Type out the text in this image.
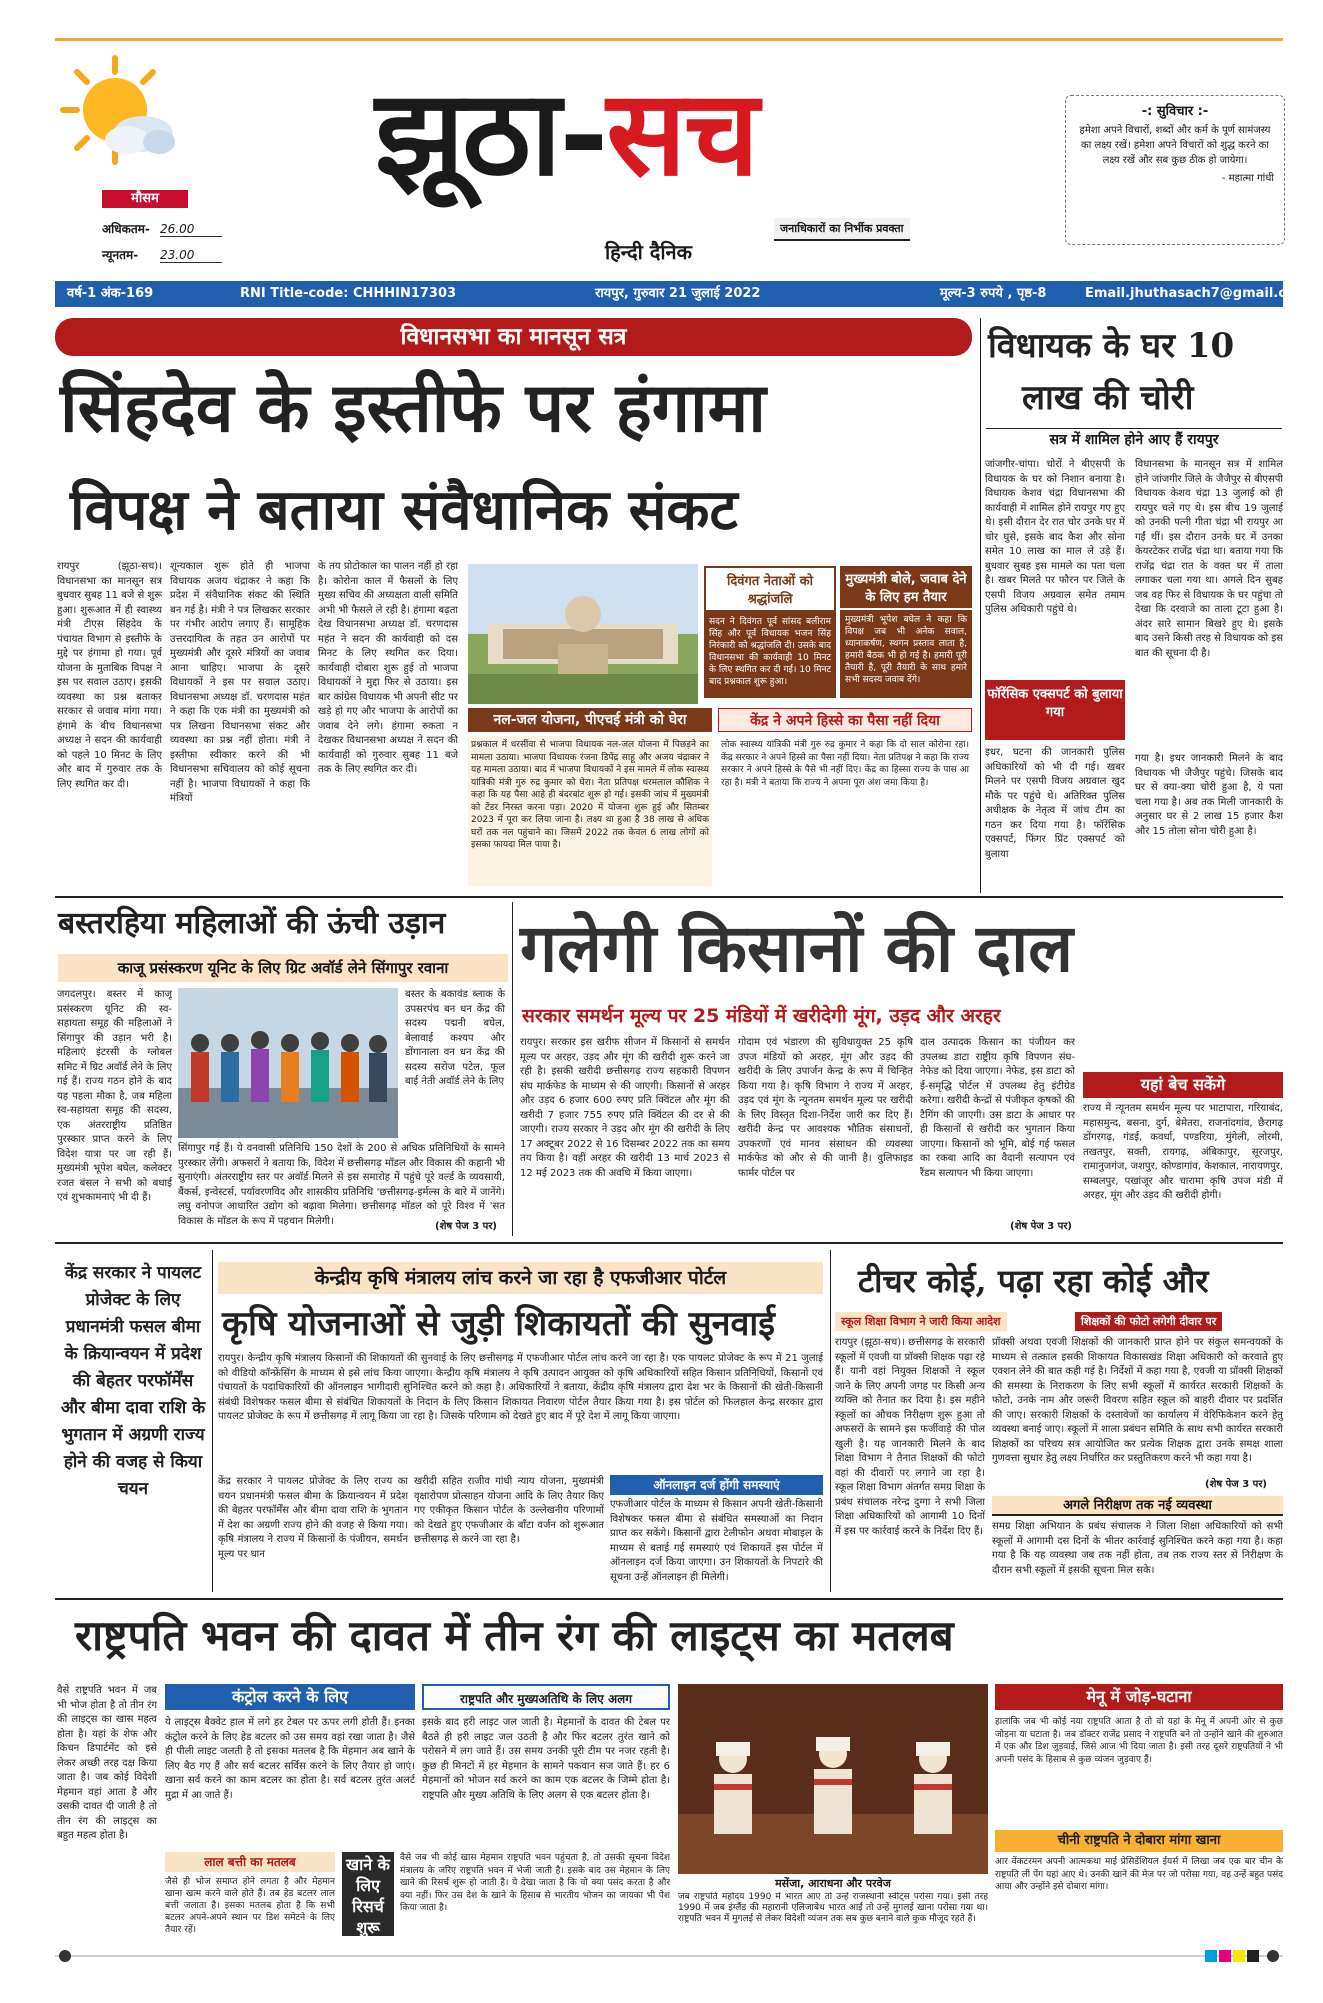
मौसम
अधिकतम- 26.00
न्यूनतम- 23.00
झूठा-सच
हिन्दी दैनिक
जनाधिकारों का निर्भीक प्रवक्ता
-: सुविचार :-
हमेशा अपने विचारों, शब्दों और कर्म के पूर्ण सामंजस्य का लक्ष्य रखें। हमेशा अपने विचारों को शुद्ध करने का लक्ष्य रखें और सब कुछ ठीक हो जायेगा।
- महात्मा गांधी
वर्ष-1 अंक-169	RNI Title-code: CHHHIN17303	रायपुर, गुरुवार 21 जुलाई 2022	मूल्य-3 रुपये , पृष्ठ-8	Email.jhuthasach7@gmail.com
विधानसभा का मानसून सत्र
सिंहदेव के इस्तीफे पर हंगामा
विपक्ष ने बताया संवैधानिक संकट
रायपुर (झूठा-सच)। विधानसभा का मानसून सत्र बुधवार सुबह 11 बजे से शुरू हुआ। शुरूआत में ही स्वास्थ्य मंत्री टीएस सिंहदेव के पंचायत विभाग से इस्तीफे के मुद्दे पर हंगामा हो गया। पूर्व योजना के मुताबिक विपक्ष ने इस पर सवाल उठाए। इसकी व्यवस्था का प्रश्न बताकर सरकार से जवाब मांगा गया। हंगामे के बीच विधानसभा अध्यक्ष ने सदन की कार्यवाही को पहले 10 मिनट के लिए और बाद में गुरुवार तक के लिए स्थगित कर दी।
शून्यकाल शुरू होते ही भाजपा विधायक अजय चंद्राकर ने कहा कि प्रदेश में संवैधानिक संकट की स्थिति बन गई है। मंत्री ने पत्र लिखकर सरकार पर गंभीर आरोप लगाए हैं। सामूहिक उत्तरदायित्व के तहत उन आरोपों पर मुख्यमंत्री और दूसरे मंत्रियों का जवाब आना चाहिए। भाजपा के दूसरे विधायकों ने इस पर सवाल उठाए। विधानसभा अध्यक्ष डॉ. चरणदास महंत ने कहा कि एक मंत्री का मुख्यमंत्री को पत्र लिखना विधानसभा संकट और व्यवस्था का प्रश्न नहीं होता। मंत्री ने इस्तीफा स्वीकार करने की भी विधानसभा सचिवालय को कोई सूचना नहीं है। भाजपा विधायकों ने कहा कि मंत्रियों
के तय प्रोटोकाल का पालन नहीं हो रहा है। कोरोना काल में फैसलों के लिए मुख्य सचिव की अध्यक्षता वाली समिति अभी भी फैसले ले रही है। हंगामा बढ़ता देख विधानसभा अध्यक्ष डॉ. चरणदास महंत ने सदन की कार्यवाही को दस मिनट के लिए स्थगित कर दिया। कार्यवाही दोबारा शुरू हुई तो भाजपा विधायकों ने मुद्दा फिर से उठाया। इस बार कांग्रेस विधायक भी अपनी सीट पर खड़े हो गए और भाजपा के आरोपों का जवाब देने लगे। हंगामा रुकता न देखकर विधानसभा अध्यक्ष ने सदन की कार्यवाही को गुरुवार सुबह 11 बजे तक के लिए स्थगित कर दी।
दिवंगत नेताओं को श्रद्धांजलि
सदन ने दिवंगत पूर्व सांसद बलीराम सिंह और पूर्व विधायक भजन सिंह निरंकारी को श्रद्धांजलि दी। उसके बाद विधानसभा की कार्यवाही 10 मिनट के लिए स्थगित कर दी गई। 10 मिनट बाद प्रश्नकाल शुरू हुआ।
मुख्यमंत्री बोले, जवाब देने के लिए हम तैयार
मुख्यमंत्री भूपेश बघेल ने कहा कि विपक्ष जब भी अनेक सवाल, ध्यानाकर्षण, स्थगन प्रस्ताव लाता है, हमारी बैठक भी हो गई है। हमारी पूरी तैयारी है, पूरी तैयारी के साथ हमारे सभी सदस्य जवाब देंगे।
नल-जल योजना, पीएचई मंत्री को घेरा
प्रश्नकाल में धरसींवा से भाजपा विधायक नल-जल योजना में पिछड़ने का मामला उठाया। भाजपा विधायक रंजना डिपेंद्र साहू और अजय चंद्राकर ने यह मामला उठाया। बाद में भाजपा विधायकों ने इस मामले में लोक स्वास्थ्य यांत्रिकी मंत्री गुरु रुद्र कुमार को घेरा। नेता प्रतिपक्ष धरमलाल कौशिक ने कहा कि यह पैसा आहे ही बंदरबांट शुरू हो गई। इसकी जांच में मुख्यमंत्री को टेंडर निरस्त करना पड़ा। 2020 में योजना शुरू हुई और सितम्बर 2023 में पूरा कर लिया जाना है। लक्ष्य था हुआ है 38 लाख से अधिक घरों तक नल पहुंचाने का। जिसमें 2022 तक केवल 6 लाख लोगों को इसका फायदा मिल पाया है।
केंद्र ने अपने हिस्से का पैसा नहीं दिया
लोक स्वास्थ्य यांत्रिकी मंत्री गुरु रुद्र कुमार ने कहा कि दो साल कोरोना रहा। केंद्र सरकार ने अपने हिस्से का पैसा नहीं दिया। नेता प्रतिपक्ष ने कहा कि राज्य सरकार ने अपने हिस्से के पैसे भी नहीं दिए। केंद्र का हिस्सा राज्य के पास आ रहा है। मंत्री ने बताया कि राज्य ने अपना पूरा अंश जमा किया है।
विधायक के घर 10
लाख की चोरी
सत्र में शामिल होने आए हैं रायपुर
जांजगीर-चांपा। चोरों ने बीएसपी के विधायक के घर को निशान बनाया है। विधायक केशव चंद्रा विधानसभा की कार्यवाही में शामिल होने रायपुर गए हुए थे। इसी दौरान देर रात चोर उनके घर में चोर घुसे, इसके बाद कैश और सोना समेत 10 लाख का माल ले उड़े हैं। बुधवार सुबह इस मामले का पता चला है। खबर मिलते पर फौरन पर जिले के एसपी विजय अग्रवाल समेत तमाम पुलिस अधिकारी पहुंचे थे।
विधानसभा के मानसून सत्र में शामिल होने जांजगीर जिले के जैजैपुर से बीएसपी विधायक केशव चंद्रा 13 जुलाई को ही रायपुर चले गए थे। इस बीच 19 जुलाई को उनकी पत्नी गीता चंद्रा भी रायपुर आ गईं थीं। इस दौरान उनके घर में उनका केयरटेकर राजेंद्र चंद्रा था। बताया गया कि राजेंद्र चंद्रा रात के वक्त घर में ताला लगाकर चला गया था। अगले दिन सुबह जब वह फिर से विधायक के घर पहुंचा तो देखा कि दरवाजे का ताला टूटा हुआ है। अंदर सारे सामान बिखरे हुए थे। इसके बाद उसने किसी तरह से विधायक को इस बात की सूचना दी है।
फॉरेंसिक एक्सपर्ट को बुलाया गया
इधर, घटना की जानकारी पुलिस अधिकारियों को भी दी गई। खबर मिलने पर एसपी विजय अग्रवाल खुद मौके पर पहुंचे थे। अतिरिक्त पुलिस अधीक्षक के नेतृत्व में जांच टीम का गठन कर दिया गया है। फॉरेंसिक एक्सपर्ट, फिंगर प्रिंट एक्सपर्ट को बुलाया
गया है। इधर जानकारी मिलने के बाद विधायक भी जैजैपुर पहुंचे। जिसके बाद घर से क्या-क्या चोरी हुआ है, ये पता चला गया है। अब तक मिली जानकारी के अनुसार घर से 2 लाख 15 हजार कैश और 15 तोला सोना चोरी हुआ है।
बस्तरहिया महिलाओं की ऊंची उड़ान
काजू प्रसंस्करण यूनिट के लिए ग्रिट अवॉर्ड लेने सिंगापुर रवाना
जगदलपुर। बस्तर में काजू प्रसंस्करण यूनिट की स्व-सहायता समूह की महिलाओं ने सिंगापुर की उड़ान भरी है। महिलाएं इंटरसी के ग्लोबल समिट में ग्रिट अवॉर्ड लेने के लिए गई हैं। राज्य गठन होने के बाद यह पहला मौका है, जब महिला स्व-सहायता समूह की सदस्य, एक अंतरराष्ट्रीय प्रतिष्ठित पुरस्कार प्राप्त करने के लिए विदेश यात्रा पर जा रही हैं। मुख्यमंत्री भूपेश बघेल, कलेक्टर रजत बंसल ने सभी को बधाई एवं शुभकामनाएं भी दी हैं।
बस्तर के बकावंड ब्लाक के उपसरपंच बन धन केंद्र की सदस्य पद्मनी बघेल, बेलावाई कश्यप और डोंगानाला वन धन केंद्र की सदस्य सरोज पटेल, फूल बाई नेती अवॉर्ड लेने के लिए
सिंगापुर गई हैं। ये वनवासी प्रतिनिधि 150 देशों के 200 से अधिक प्रतिनिधियों के सामने पुरस्कार लेंगी। अफसरों ने बताया कि, विदेश में छत्तीसगढ़ मॉडल और विकास की कहानी भी सुनाएंगी। अंतरराष्ट्रीय स्तर पर अवॉर्ड मिलने से इस समारोह में पहुंचे पूरे वर्ल्ड के व्यवसायी, बैंकर्स, इन्वेस्टर्स, पर्यावरणविद और शासकीय प्रतिनिधि 'छत्तीसगढ़-इर्मल्स के बारे में जानेंगे। लघु वनोपज आधारित उद्योग को बढ़ावा मिलेगा। छत्तीसगढ़ मॉडल को पूरे विश्व में 'सत विकास के मॉडल के रूप में पहचान मिलेगी।	(शेष पेज 3 पर)
गलेगी किसानों की दाल
सरकार समर्थन मूल्य पर 25 मंडियों में खरीदेगी मूंग, उड़द और अरहर
रायपुर। सरकार इस खरीफ सीजन में किसानों से समर्थन मूल्य पर अरहर, उड़द और मूंग की खरीदी शुरू करने जा रही है। इसकी खरीदी छत्तीसगढ़ राज्य सहकारी विपणन संघ मार्कफेड के माध्यम से की जाएगी। किसानों से अरहर और उड़द 6 हजार 600 रुपए प्रति क्विंटल और मूंग की खरीदी 7 हजार 755 रुपए प्रति क्विंटल की दर से की जाएगी। राज्य सरकार ने उड़द और मूंग की खरीदी के लिए 17 अक्टूबर 2022 से 16 दिसम्बर 2022 तक का समय तय किया है। वहीं अरहर की खरीदी 13 मार्च 2023 से 12 मई 2023 तक की अवधि में किया जाएगा।
गोदाम एवं भंडारण की सुविधायुक्त 25 कृषि उपज मंडियों को अरहर, मूंग और उड़द की खरीदी के लिए उपार्जन केन्द्र के रूप में चिन्हित किया गया है। कृषि विभाग ने राज्य में अरहर, उड़द एवं मूंग के न्यूनतम समर्थन मूल्य पर खरीदी के लिए विस्तृत दिशा-निर्देश जारी कर दिए हैं। खरीदी केन्द्र पर आवश्यक भौतिक संसाधनों, उपकरणों एवं मानव संसाधन की व्यवस्था मार्कफेड को और से की जानी है। वुलिफाइड फार्मर पोर्टल पर
दाल उत्पादक किसान का पंजीयन कर उपलब्ध डाटा राष्ट्रीय कृषि विपणन संघ-नेफेड को दिया जाएगा। नेफेड, इस डाटा को ई-समृद्धि पोर्टल में उपलब्ध हेतु इंटीग्रेड करेगा। खरीदी केन्द्रों से पंजीकृत कृषकों की टैगिंग की जाएगी। उस डाटा के आधार पर ही किसानों से खरीदी कर भुगतान किया जाएगा। किसानों को भूमि, बोई गई फसल का रकबा आदि का वैदानी सत्यापन एवं रैंडम सत्यापन भी किया जाएगा।
(शेष पेज 3 पर)
यहां बेच सकेंगे
राज्य में न्यूनतम समर्थन मूल्य पर भाटापारा, गरियाबंद, महासमुन्द, बसना, दुर्ग, बेमेतरा, राजनांदगांव, छैरागढ़ डोंगरगढ़, गंडई, कवर्धा, पण्डरिया, मुंगेली, लोरमी, तखतपुर, सक्ती, रायगढ़, अंबिकापुर, सूरजपुर, रामानुजगंज, जशपुर, कोण्डागांव, केशकाल, नारायणपुर, सम्बलपुर, पखांजूर और चारामा कृषि उपज मंडी में अरहर, मूंग और उड़द की खरीदी होगी।
केंद्र सरकार ने पायलट प्रोजेक्ट के लिए प्रधानमंत्री फसल बीमा के क्रियान्वयन में प्रदेश की बेहतर परफॉर्मेंस और बीमा दावा राशि के भुगतान में अग्रणी राज्य होने की वजह से किया चयन
केन्द्रीय कृषि मंत्रालय लांच करने जा रहा है एफजीआर पोर्टल
कृषि योजनाओं से जुड़ी शिकायतों की सुनवाई
रायपुर। केन्द्रीय कृषि मंत्रालय किसानों की शिकायतों की सुनवाई के लिए छत्तीसगढ़ में एफजीआर पोर्टल लांच करने जा रहा है। एक पायलट प्रोजेक्ट के रूप में 21 जुलाई को वीडियो कॉन्फ्रेंसिंग के माध्यम से इसे लांच किया जाएगा। केन्द्रीय कृषि मंत्रालय ने कृषि उत्पादन आयुक्त को कृषि अधिकारियों सहित किसान प्रतिनिधियों, किसानों एवं पंचायतों के पदाधिकारियों की ऑनलाइन भागीदारी सुनिश्चित करने को कहा है। अधिकारियों ने बताया, केंद्रीय कृषि मंत्रालय द्वारा देश भर के किसानों की खेती-किसानी संबंधी विशेषकर फसल बीमा से संबंधित शिकायतों के निदान के लिए किसान शिकायत निवारण पोर्टल तैयार किया गया है। इस पोर्टल को फिलहाल केन्द्र सरकार द्वारा पायलट प्रोजेक्ट के रूप में छत्तीसगढ़ में लागू किया जा रहा है। जिसके परिणाम को देखते हुए बाद में पूरे देश में लागू किया जाएगा।
केंद्र सरकार ने पायलट प्रोजेक्ट के लिए राज्य का चयन प्रधानमंत्री फसल बीमा के क्रियान्वयन में प्रदेश की बेहतर परफॉर्मेंस और बीमा दावा राशि के भुगतान में देश का अग्रणी राज्य होने की वजह से किया गया। कृषि मंत्रालय ने राज्य में किसानों के पंजीयन, समर्थन मूल्य पर धान
खरीदी सहित राजीव गांधी न्याय योजना, मुख्यमंत्री वृक्षारोपण प्रोत्साहन योजना आदि के लिए तैयार किए गए एकीकृत किसान पोर्टल के उल्लेखनीय परिणामों को देखते हुए एफजीआर के बाँटा वर्जन को शुरूआत छत्तीसगढ़ से करने जा रहा है।
ऑनलाइन दर्ज होंगी समस्याएं
एफजीआर पोर्टल के माध्यम से किसान अपनी खेती-किसानी विशेषकर फसल बीमा से संबंधित समस्याओं का निदान प्राप्त कर सकेंगे। किसानों द्वारा टेलीफोन अथवा मोबाइल के माध्यम से बताई गई समस्याएं एवं शिकायतें इस पोर्टल में ऑनलाइन दर्ज किया जाएगा। उन शिकायतों के निपटारे की सूचना उन्हें ऑनलाइन ही मिलेगी।
टीचर कोई, पढ़ा रहा कोई और
स्कूल शिक्षा विभाग ने जारी किया आदेश	शिक्षकों की फोटो लगेगी दीवार पर
रायपुर (झूठा-सच)। छत्तीसगढ़ के सरकारी स्कूलों में एवजी या प्रॉक्सी शिक्षक पढ़ा रहे हैं। यानी वहां नियुक्त शिक्षकों ने स्कूल जाने के लिए अपनी जगह पर किसी अन्य व्यक्ति को तैनात कर दिया है। इस महीने स्कूलों का औचक निरीक्षण शुरू हुआ तो अफसरों के सामने इस फर्जीवाड़े की पोल खुली है। यह जानकारी मिलने के बाद शिक्षा विभाग ने तैनात शिक्षकों की फोटो वहां की दीवारों पर लगाने जा रहा है। स्कूल शिक्षा विभाग अंतर्गत समग्र शिक्षा के प्रबंध संचालक नरेन्द्र दुग्गा ने सभी जिला शिक्षा अधिकारियों को आगामी 10 दिनों में इस पर कार्रवाई करने के निर्देश दिए हैं।
प्रॉक्सी अथवा एवजी शिक्षकों की जानकारी प्राप्त होने पर संकुल समन्वयकों के माध्यम से तत्काल इसकी शिकायत विकासखंड शिक्षा अधिकारी को करवाते हुए एक्शन लेने की बात कही गई है। निर्देशों में कहा गया है, एवजी या प्रॉक्सी शिक्षकों की समस्या के निराकरण के लिए सभी स्कूलों में कार्यरत सरकारी शिक्षकों के फोटो, उनके नाम और जरूरी विवरण सहित स्कूल को बाहरी दीवार पर प्रदर्शित की जाए। सरकारी शिक्षकों के दस्तावेजों का कार्यालय में वेरिफिकेशन करने हेतु व्यवस्था बनाई जाए। स्कूलों में शाला प्रबंधन समिति के साथ सभी कार्यरत सरकारी शिक्षकों का परिचय सत्र आयोजित कर प्रत्येक शिक्षक द्वारा उनके समक्ष शाला गुणवत्ता सुधार हेतु लक्ष्य निर्धारित कर प्रस्तुतिकरण करने भी कहा गया है।
(शेष पेज 3 पर)
अगले निरीक्षण तक नई व्यवस्था
समग्र शिक्षा अभियान के प्रबंध संचालक ने जिला शिक्षा अधिकारियों को सभी स्कूलों में आगामी दस दिनों के भीतर कार्रवाई सुनिश्चित करने कहा गया है। कहा गया है कि यह व्यवस्था जब तक नहीं होता, तब तक राज्य स्तर से निरीक्षण के दौरान सभी स्कूलों में इसकी सूचना मिल सके।
राष्ट्रपति भवन की दावत में तीन रंग की लाइट्स का मतलब
वैसे राष्ट्रपति भवन में जब भी भोज होता है तो तीन रंग की लाइट्स का खास महत्व होता है। यहां के शेफ और किचन डिपार्टमेंट को इसे लेकर अच्छी तरह दक्ष किया जाता है। जब कोई विदेशी मेहमान वहां आता है और उसकी दावत दी जाती है तो तीन रंग की लाइट्स का बहुत महत्व होता है।
कंट्रोल करने के लिए
ये लाइट्स बैक्वेट हाल में लगे हर टेबल पर ऊपर लगी होती हैं। इनका कंट्रोल करने के लिए हेड बटलर को उस समय वहां रखा जाता है। जैसे ही पीली लाइट जलती है तो इसका मतलब है कि मेहमान अब खाने के लिए बैठ गए हैं और सर्व बटलर सर्विस करने के लिए तैयार हो जाएं। खाना सर्व करने का काम बटलर का होता है। सर्व बटलर तुरंत अलर्ट मुद्रा में आ जाते हैं।
राष्ट्रपति और मुख्यअतिथि के लिए अलग
इसके बाद हरी लाइट जल जाती है। मेहमानों के दावत की टेबल पर बैठते ही हरी लाइट जल उठती है और फिर बटलर तुरंत खाने को परोसने में लग जाते हैं। उस समय उनकी पूरी टीम पर नजर रहती है। कुछ ही मिनटों में हर मेहमान के सामने पकवान सज जाते हैं। हर 6 मेहमानों को भोजन सर्व करने का काम एक बटलर के जिम्मे होता है। राष्ट्रपति और मुख्य अतिथि के लिए अलग से एक बटलर होता है।
मसेंजा, आराधना और परवेज
मेनू में जोड़-घटाना
हालांकि जब भी कोई नया राष्ट्रपति आता है तो वो यहां के मेनू में अपनी ओर से कुछ जोड़ना या घटाता है। जब डॉक्टर राजेंद्र प्रसाद ने राष्ट्रपति बने तो उन्होंने खाने की शुरुआत में एक और डिश जुड़वाई, जिसे आज भी दिया जाता है। इसी तरह दूसरे राष्ट्रपतियों ने भी अपनी पसंद के हिसाब से कुछ व्यंजन जुड़वाए हैं।
चीनी राष्ट्रपति ने दोबारा मांगा खाना
आर वेंकटरमन अपनी आत्मकथा माई प्रेसिडेंशियल ईयर्स में लिखा जब एक बार चीन के राष्ट्रपति ली पेंग यहां आए थे। उनकी खाने की मेज पर जो परोसा गया, वह उन्हें बहुत पसंद आया और उन्होंने इसे दोबारा मांगा।
लाल बत्ती का मतलब
जैसे ही भोज समाप्त होने लगता है और मेहमान खाना खत्म करने वाले होते हैं। तब हेड बटलर लाल बत्ती जलाता है। इसका मतलब होता है कि सभी बटलर अपने-अपने स्थान पर डिश समेटने के लिए तैयार रहें।
खाने के लिए रिसर्च शुरू
वैसे जब भी कोई खास मेहमान राष्ट्रपति भवन पहुंचता है, तो उसकी सूचना विदेश मंत्रालय के जरिए राष्ट्रपति भवन में भेजी जाती है। इसके बाद उस मेहमान के लिए खाने की रिसर्च शुरू हो जाती है। ये देखा जाता है कि वो क्या पसंद करता है और क्या नहीं। फिर उस देश के खाने के हिसाब से भारतीय भोजन का जायका भी पेश किया जाता है।
जब राष्ट्रपति महोदय 1990 में भारत आए तो उन्हें राजस्थानी स्वीट्स परोसा गया। इसी तरह 1990 में जब इंग्लैंड की महारानी एलिजाबेथ भारत आईं तो उन्हें मुगलई खाना परोसा गया था। राष्ट्रपति भवन में मुगलई से लेकर विदेशी व्यंजन तक सब कुछ बनाने वाले कुक मौजूद रहते हैं।
